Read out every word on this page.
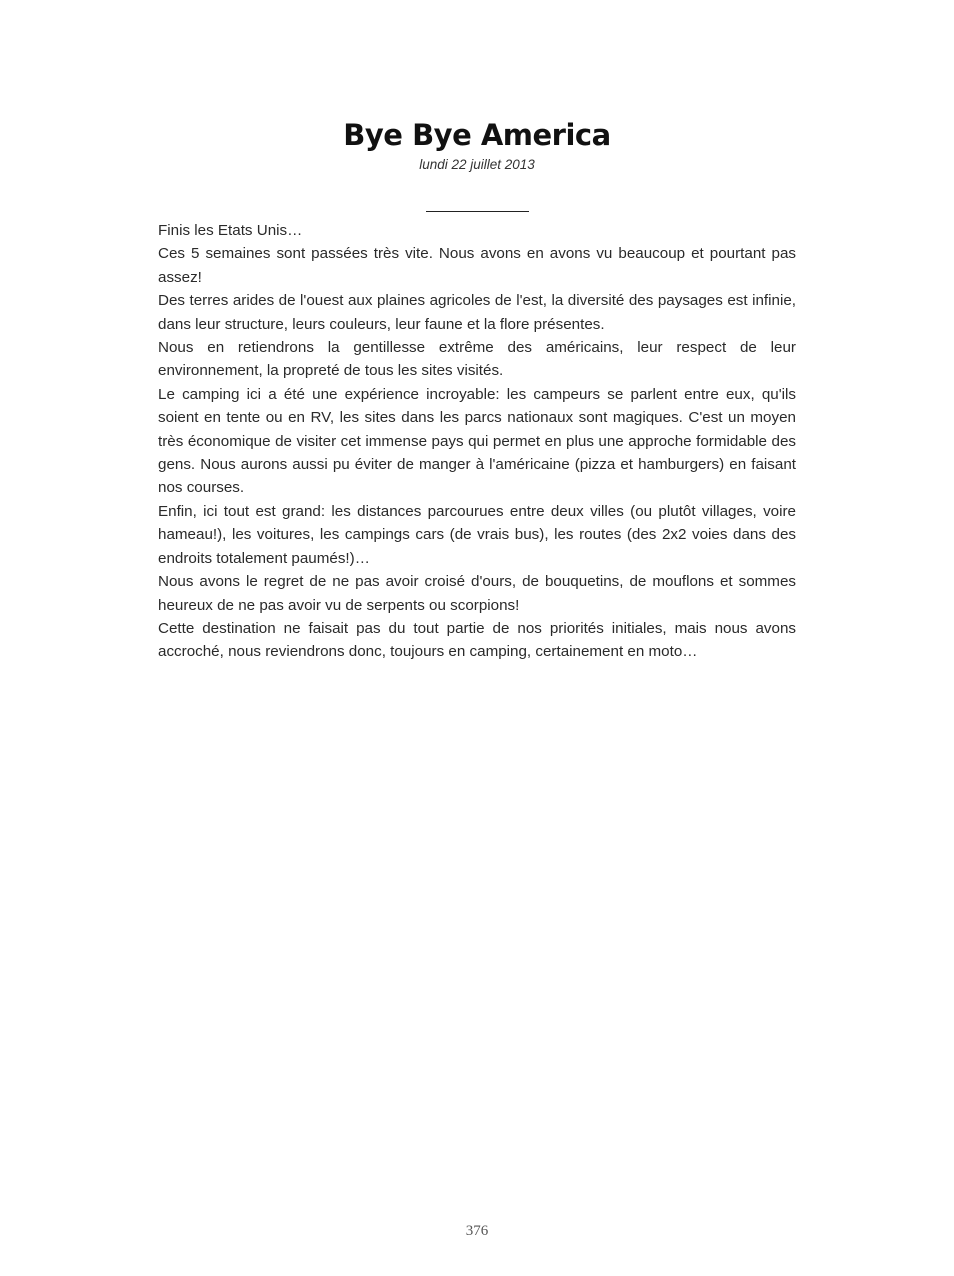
Bye Bye America
lundi 22 juillet 2013

Finis les Etats Unis…

Ces 5 semaines sont passées très vite. Nous avons en avons vu beaucoup et pourtant pas assez!

Des terres arides de l'ouest aux plaines agricoles de l'est, la diversité des paysages est infinie, dans leur structure, leurs couleurs, leur faune et la flore présentes.

Nous en retiendrons la gentillesse extrême des américains, leur respect de leur environnement, la propreté de tous les sites visités.

Le camping ici a été une expérience incroyable: les campeurs se parlent entre eux, qu'ils soient en tente ou en RV, les sites dans les parcs nationaux sont magiques. C'est un moyen très économique de visiter cet immense pays qui permet en plus une approche formidable des gens. Nous aurons aussi pu éviter de manger à l'américaine (pizza et hamburgers) en faisant nos courses.

Enfin, ici tout est grand: les distances parcourues entre deux villes (ou plutôt villages, voire hameau!), les voitures, les campings cars (de vrais bus), les routes (des 2x2 voies dans des endroits totalement paumés!)…

Nous avons le regret de ne pas avoir croisé d'ours, de bouquetins, de mouflons et sommes heureux de ne pas avoir vu de serpents ou scorpions!

Cette destination ne faisait pas du tout partie de nos priorités initiales, mais nous avons accroché, nous reviendrons donc, toujours en camping, certainement en moto…

376
